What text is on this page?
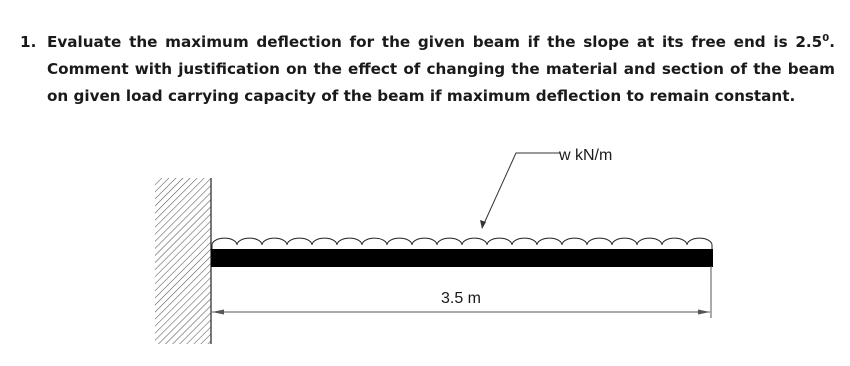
1. Evaluate the maximum deflection for the given beam if the slope at its free end is $2.5^0$. Comment with justification on the effect of changing the material and section of the beam on given load carrying capacity of the beam if maximum deflection to remain constant.
w kN/m
3.5 m
